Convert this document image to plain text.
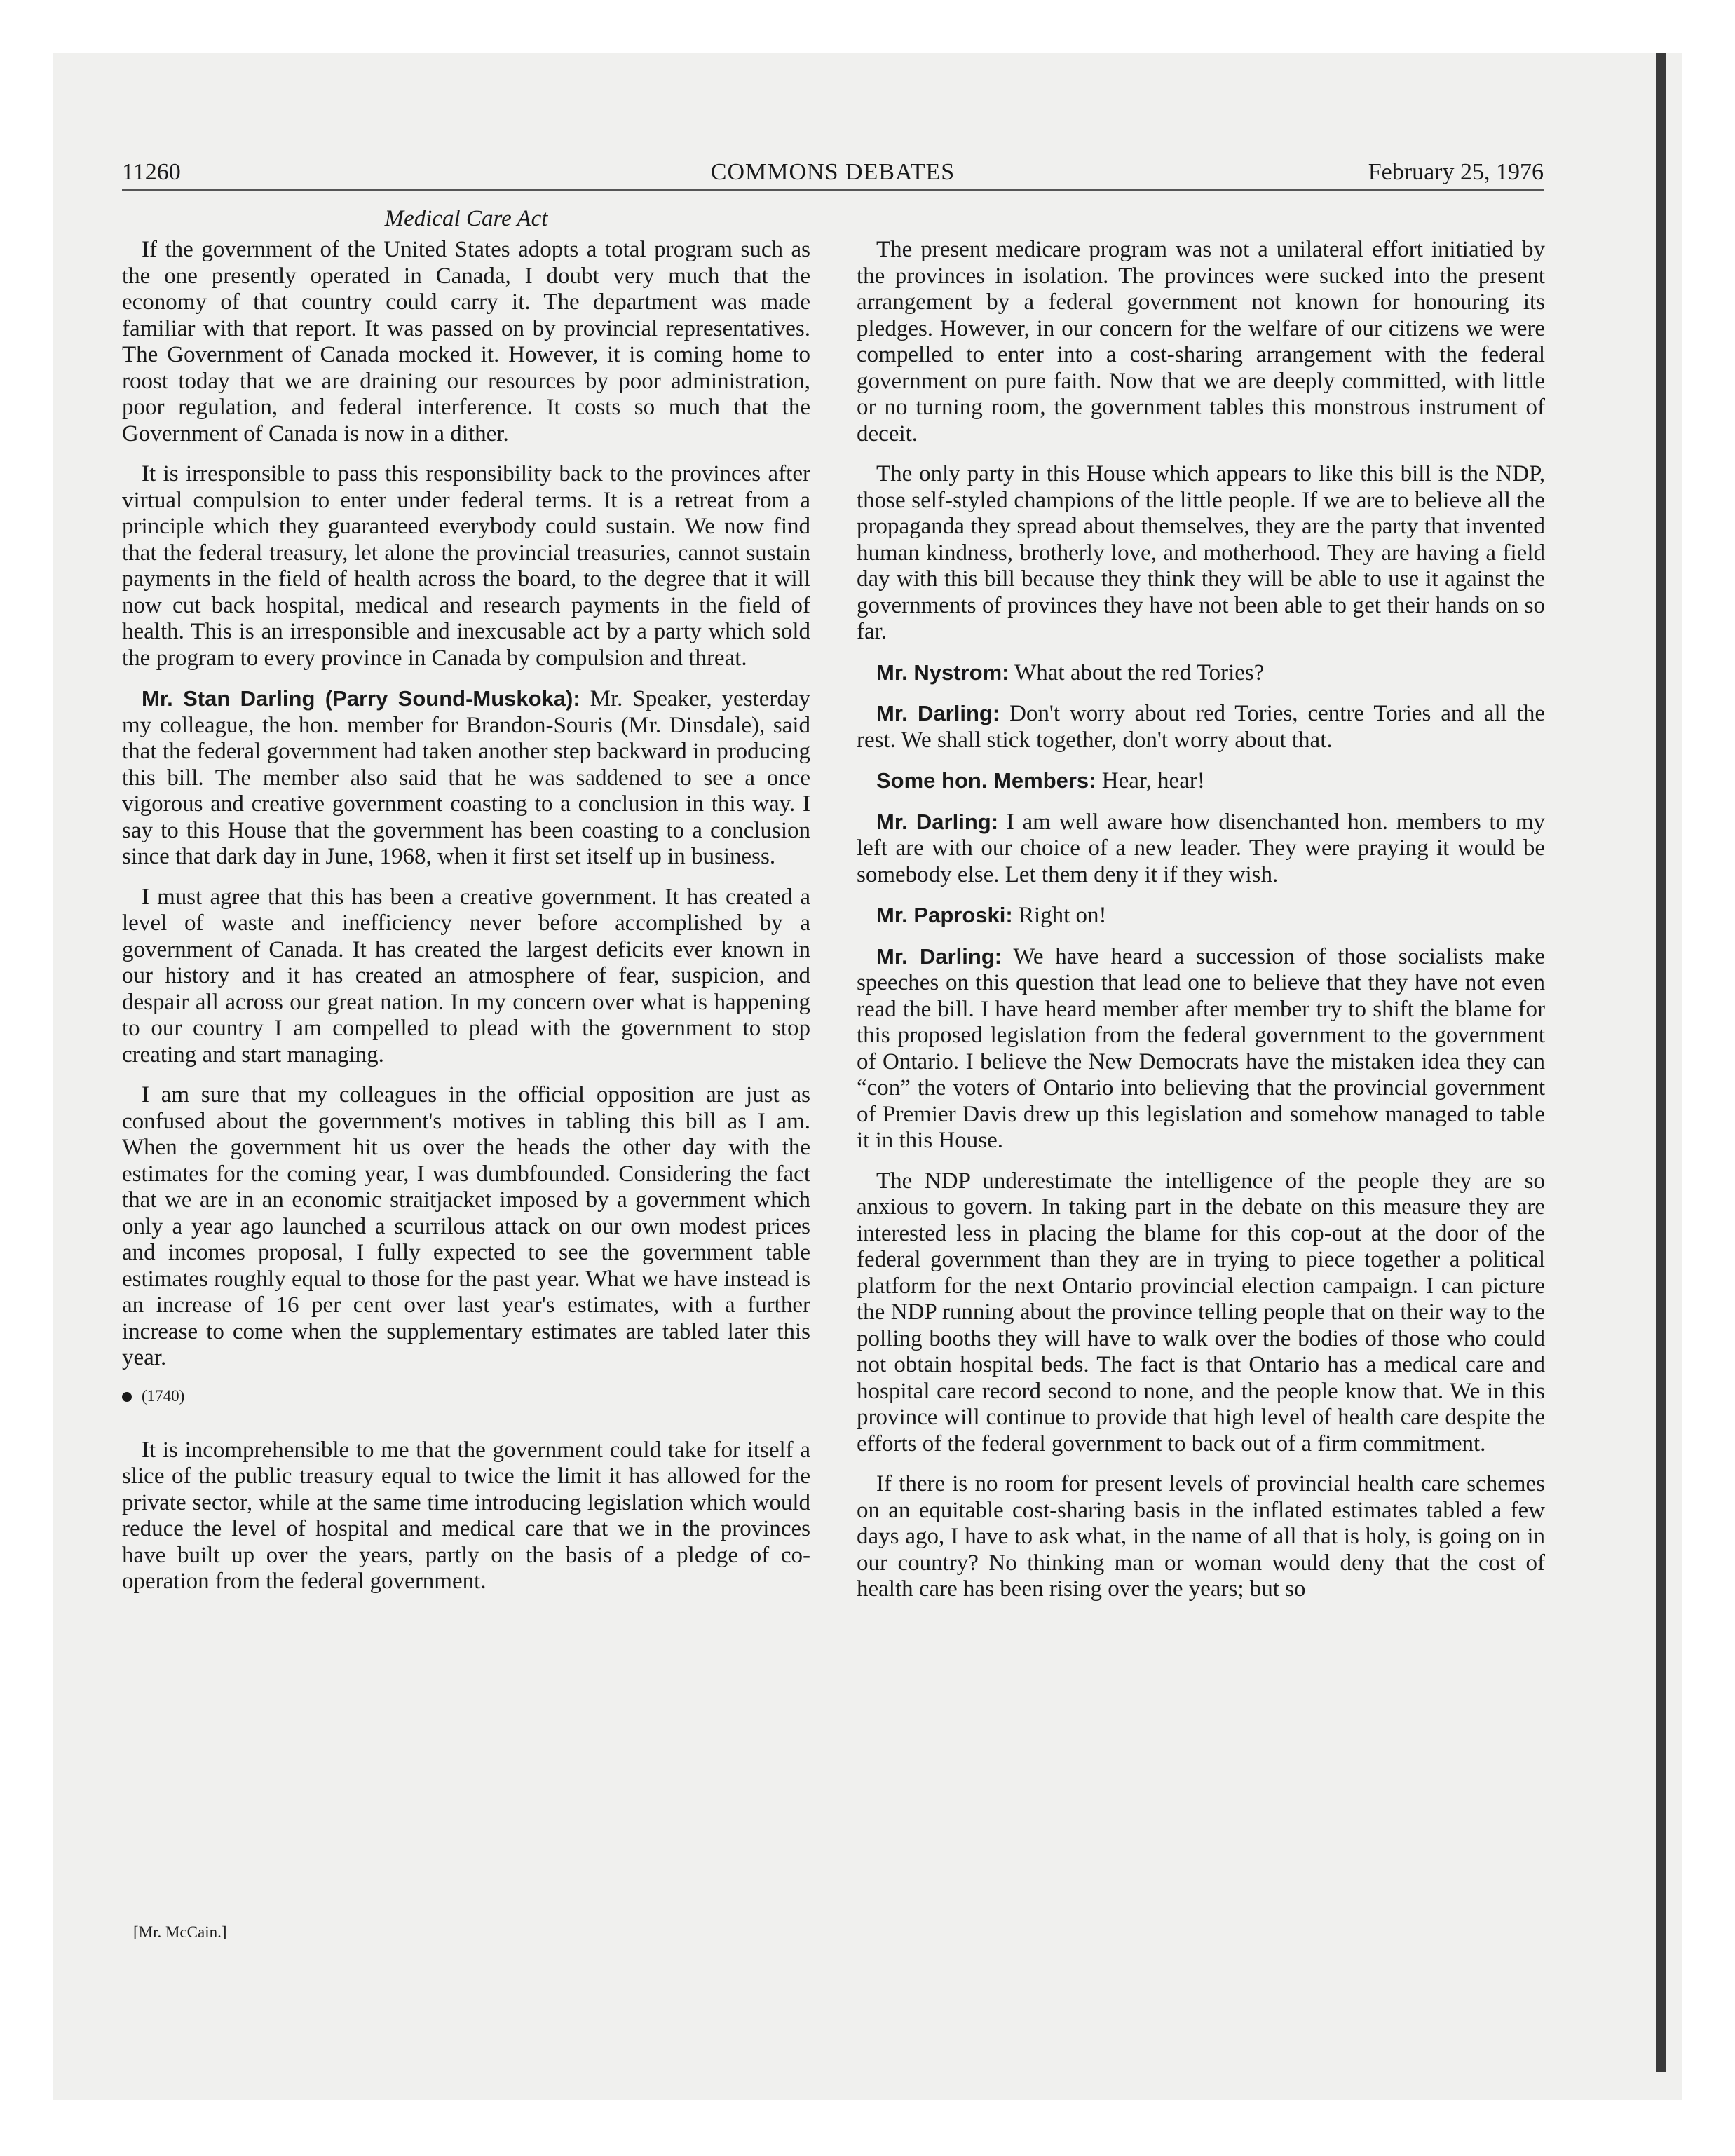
11260	COMMONS DEBATES	February 25, 1976
Medical Care Act

If the government of the United States adopts a total program such as the one presently operated in Canada, I doubt very much that the economy of that country could carry it. The department was made familiar with that report. It was passed on by provincial representatives. The Government of Canada mocked it. However, it is coming home to roost today that we are draining our resources by poor administration, poor regulation, and federal interference. It costs so much that the Government of Canada is now in a dither.

It is irresponsible to pass this responsibility back to the provinces after virtual compulsion to enter under federal terms. It is a retreat from a principle which they guaranteed everybody could sustain. We now find that the federal treasury, let alone the provincial treasuries, cannot sustain payments in the field of health across the board, to the degree that it will now cut back hospital, medical and research payments in the field of health. This is an irresponsible and inexcusable act by a party which sold the program to every province in Canada by compulsion and threat.

Mr. Stan Darling (Parry Sound-Muskoka): Mr. Speaker, yesterday my colleague, the hon. member for Brandon-Souris (Mr. Dinsdale), said that the federal government had taken another step backward in producing this bill. The member also said that he was saddened to see a once vigorous and creative government coasting to a conclusion in this way. I say to this House that the government has been coasting to a conclusion since that dark day in June, 1968, when it first set itself up in business.

I must agree that this has been a creative government. It has created a level of waste and inefficiency never before accomplished by a government of Canada. It has created the largest deficits ever known in our history and it has created an atmosphere of fear, suspicion, and despair all across our great nation. In my concern over what is happening to our country I am compelled to plead with the government to stop creating and start managing.

I am sure that my colleagues in the official opposition are just as confused about the government's motives in tabling this bill as I am. When the government hit us over the heads the other day with the estimates for the coming year, I was dumbfounded. Considering the fact that we are in an economic straitjacket imposed by a government which only a year ago launched a scurrilous attack on our own modest prices and incomes proposal, I fully expected to see the government table estimates roughly equal to those for the past year. What we have instead is an increase of 16 per cent over last year's estimates, with a further increase to come when the supplementary estimates are tabled later this year.

(1740)

It is incomprehensible to me that the government could take for itself a slice of the public treasury equal to twice the limit it has allowed for the private sector, while at the same time introducing legislation which would reduce the level of hospital and medical care that we in the provinces have built up over the years, partly on the basis of a pledge of co-operation from the federal government.

The present medicare program was not a unilateral effort initiatied by the provinces in isolation. The provinces were sucked into the present arrangement by a federal government not known for honouring its pledges. However, in our concern for the welfare of our citizens we were compelled to enter into a cost-sharing arrangement with the federal government on pure faith. Now that we are deeply committed, with little or no turning room, the government tables this monstrous instrument of deceit.

The only party in this House which appears to like this bill is the NDP, those self-styled champions of the little people. If we are to believe all the propaganda they spread about themselves, they are the party that invented human kindness, brotherly love, and motherhood. They are having a field day with this bill because they think they will be able to use it against the governments of provinces they have not been able to get their hands on so far.

Mr. Nystrom: What about the red Tories?

Mr. Darling: Don't worry about red Tories, centre Tories and all the rest. We shall stick together, don't worry about that.

Some hon. Members: Hear, hear!

Mr. Darling: I am well aware how disenchanted hon. members to my left are with our choice of a new leader. They were praying it would be somebody else. Let them deny it if they wish.

Mr. Paproski: Right on!

Mr. Darling: We have heard a succession of those socialists make speeches on this question that lead one to believe that they have not even read the bill. I have heard member after member try to shift the blame for this proposed legislation from the federal government to the government of Ontario. I believe the New Democrats have the mistaken idea they can “con” the voters of Ontario into believing that the provincial government of Premier Davis drew up this legislation and somehow managed to table it in this House.

The NDP underestimate the intelligence of the people they are so anxious to govern. In taking part in the debate on this measure they are interested less in placing the blame for this cop-out at the door of the federal government than they are in trying to piece together a political platform for the next Ontario provincial election campaign. I can picture the NDP running about the province telling people that on their way to the polling booths they will have to walk over the bodies of those who could not obtain hospital beds. The fact is that Ontario has a medical care and hospital care record second to none, and the people know that. We in this province will continue to provide that high level of health care despite the efforts of the federal government to back out of a firm commitment.

If there is no room for present levels of provincial health care schemes on an equitable cost-sharing basis in the inflated estimates tabled a few days ago, I have to ask what, in the name of all that is holy, is going on in our country? No thinking man or woman would deny that the cost of health care has been rising over the years; but so

[Mr. McCain.]
